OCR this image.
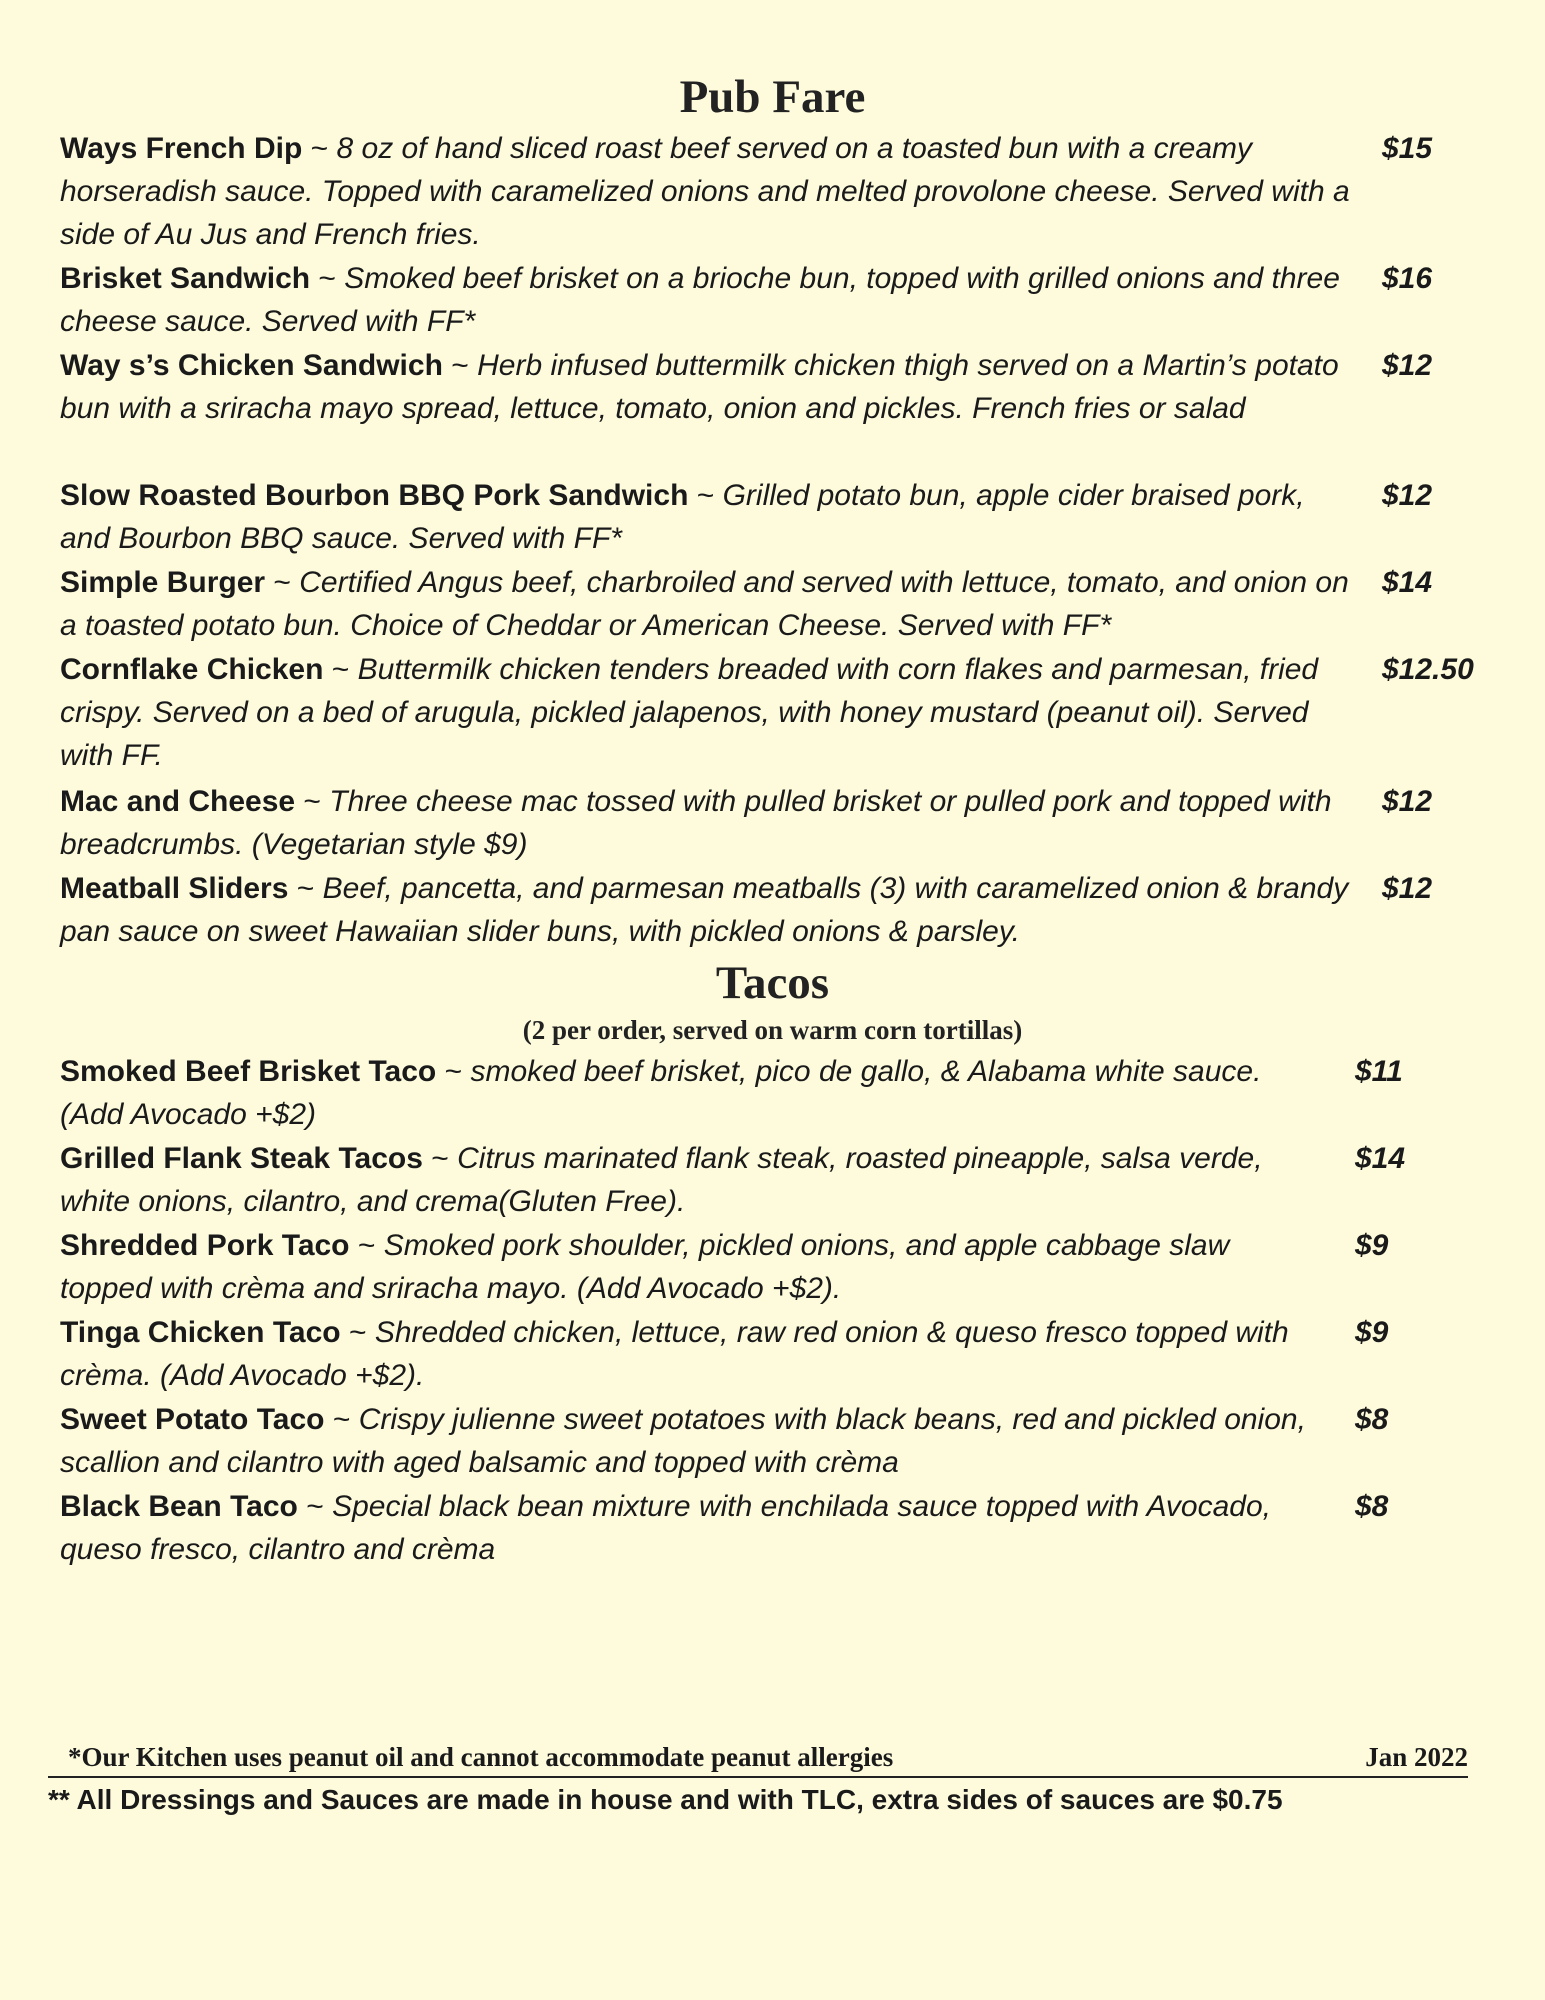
Pub Fare
Ways French Dip ~ 8 oz of hand sliced roast beef served on a toasted bun with a creamy horseradish sauce. Topped with caramelized onions and melted provolone cheese. Served with a side of Au Jus and French fries.
$15
Brisket Sandwich ~ Smoked beef brisket on a brioche bun, topped with grilled onions and three cheese sauce. Served with FF*
$16
Way s’s Chicken Sandwich ~ Herb infused buttermilk chicken thigh served on a Martin’s potato bun with a sriracha mayo spread, lettuce, tomato, onion and pickles. French fries or salad
$12
Slow Roasted Bourbon BBQ Pork Sandwich ~ Grilled potato bun, apple cider braised pork, and Bourbon BBQ sauce. Served with FF*
$12
Simple Burger ~ Certified Angus beef, charbroiled and served with lettuce, tomato, and onion on a toasted potato bun. Choice of Cheddar or American Cheese. Served with FF*
$14
Cornflake Chicken ~ Buttermilk chicken tenders breaded with corn flakes and parmesan, fried crispy. Served on a bed of arugula, pickled jalapenos, with honey mustard (peanut oil). Served with FF.
$12.50
Mac and Cheese ~ Three cheese mac tossed with pulled brisket or pulled pork and topped with breadcrumbs. (Vegetarian style $9)
$12
Meatball Sliders ~ Beef, pancetta, and parmesan meatballs (3) with caramelized onion & brandy pan sauce on sweet Hawaiian slider buns, with pickled onions & parsley.
$12
Tacos
(2 per order, served on warm corn tortillas)
Smoked Beef Brisket Taco ~ smoked beef brisket, pico de gallo, & Alabama white sauce. (Add Avocado +$2)
$11
Grilled Flank Steak Tacos ~ Citrus marinated flank steak, roasted pineapple, salsa verde, white onions, cilantro, and crema(Gluten Free).
$14
Shredded Pork Taco ~ Smoked pork shoulder, pickled onions, and apple cabbage slaw topped with crèma and sriracha mayo. (Add Avocado +$2).
$9
Tinga Chicken Taco ~ Shredded chicken, lettuce, raw red onion & queso fresco topped with crèma. (Add Avocado +$2).
$9
Sweet Potato Taco ~ Crispy julienne sweet potatoes with black beans, red and pickled onion, scallion and cilantro with aged balsamic and topped with crèma
$8
Black Bean Taco ~ Special black bean mixture with enchilada sauce topped with Avocado, queso fresco, cilantro and crèma
$8
*Our Kitchen uses peanut oil and cannot accommodate peanut allergies	Jan 2022
** All Dressings and Sauces are made in house and with TLC, extra sides of sauces are $0.75
